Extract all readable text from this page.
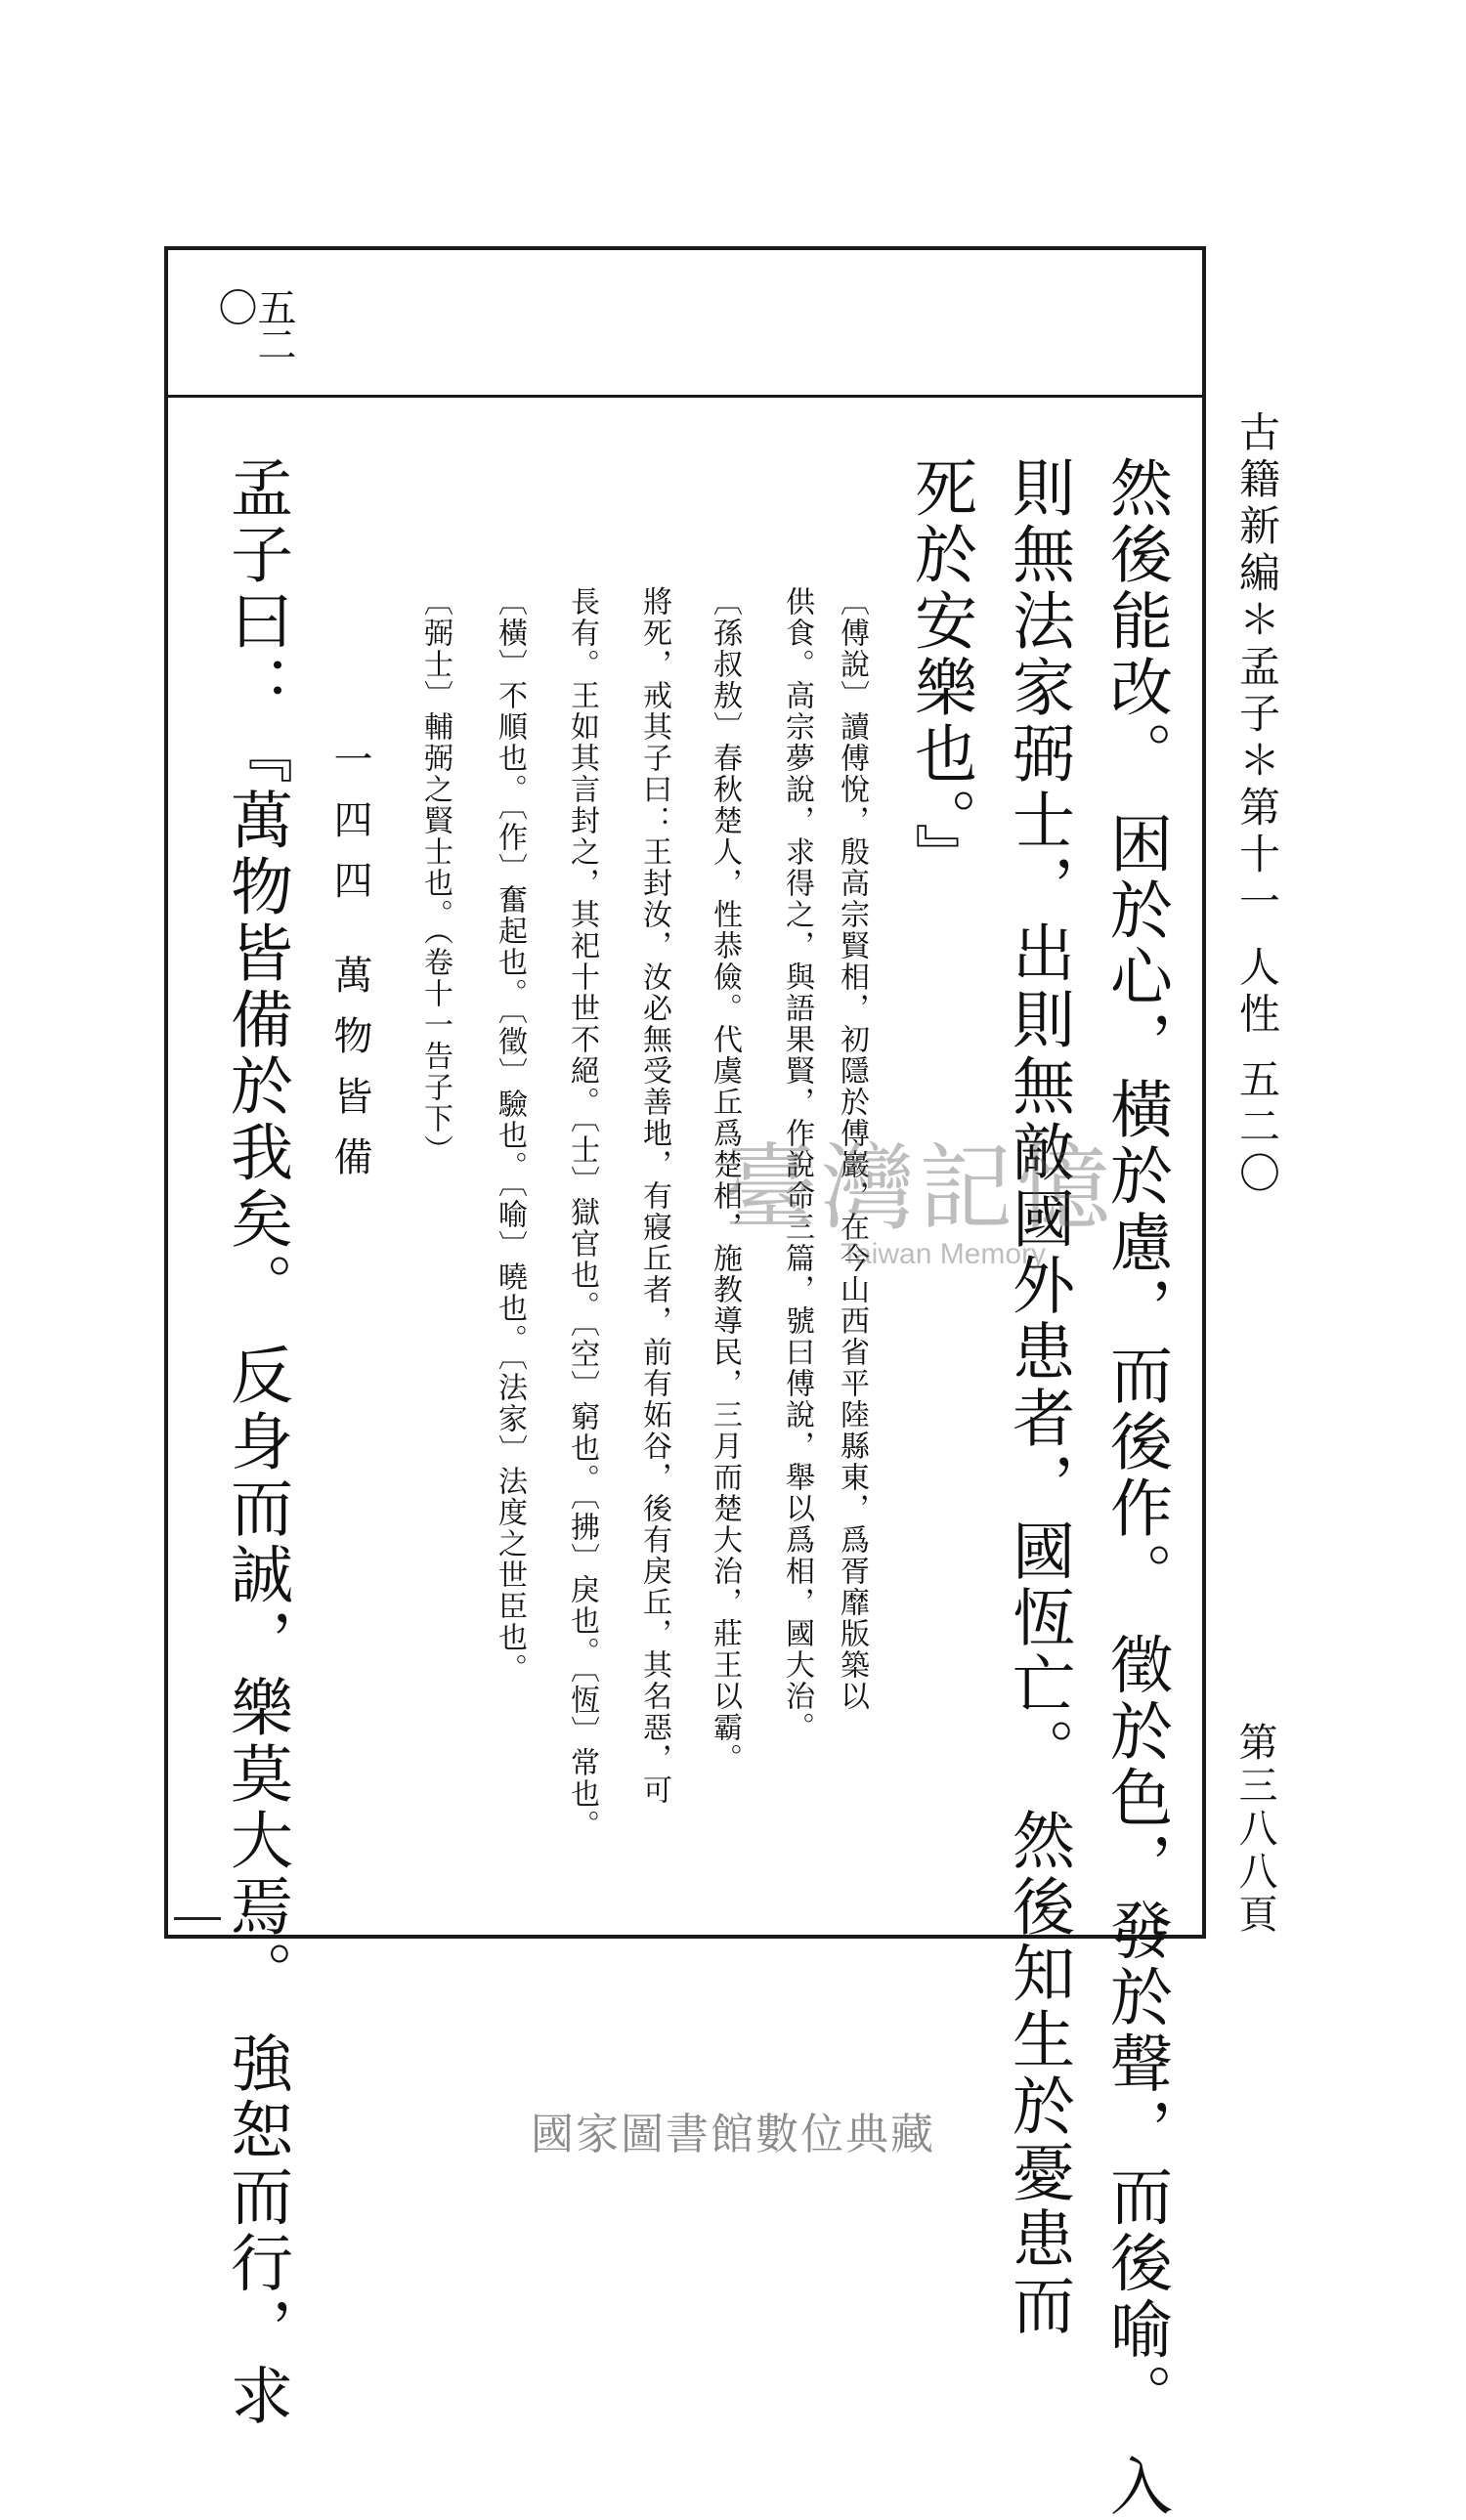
五二〇
然後能改。 困於心，橫於慮，而後作。 徵於色，發於聲，而後喻。 入
則無法家弼士，出則無敵國外患者，國恆亡。 然後知生於憂患而
死於安樂也。』
〔傅說〕讀傅悅，殷高宗賢相，初隱於傅巖，在今山西省平陸縣東，爲胥靡版築以
供食。高宗夢說，求得之，與語果賢，作說命三篇，號曰傅說，舉以爲相，國大治。
〔孫叔敖〕春秋楚人，性恭儉。代虞丘爲楚相，施教導民，三月而楚大治，莊王以霸。
將死，戒其子曰：王封汝，汝必無受善地，有寢丘者，前有妬谷，後有戾丘，其名惡，可
長有。王如其言封之，其祀十世不絕。〔士〕獄官也。〔空〕窮也。〔拂〕戾也。〔恆〕常也。
〔橫〕不順也。〔作〕奮起也。〔徵〕驗也。〔喻〕曉也。〔法家〕法度之世臣也。
〔弼士〕輔弼之賢士也。（卷十一告子下）
一四四 萬物皆備
孟子曰：『萬物皆備於我矣。 反身而誠，樂莫大焉。 強恕而行，求	古籍新編＊孟子＊第十一 人性 五二〇
第三八八頁
臺灣記憶
Taiwan Memory
國家圖書館數位典藏
